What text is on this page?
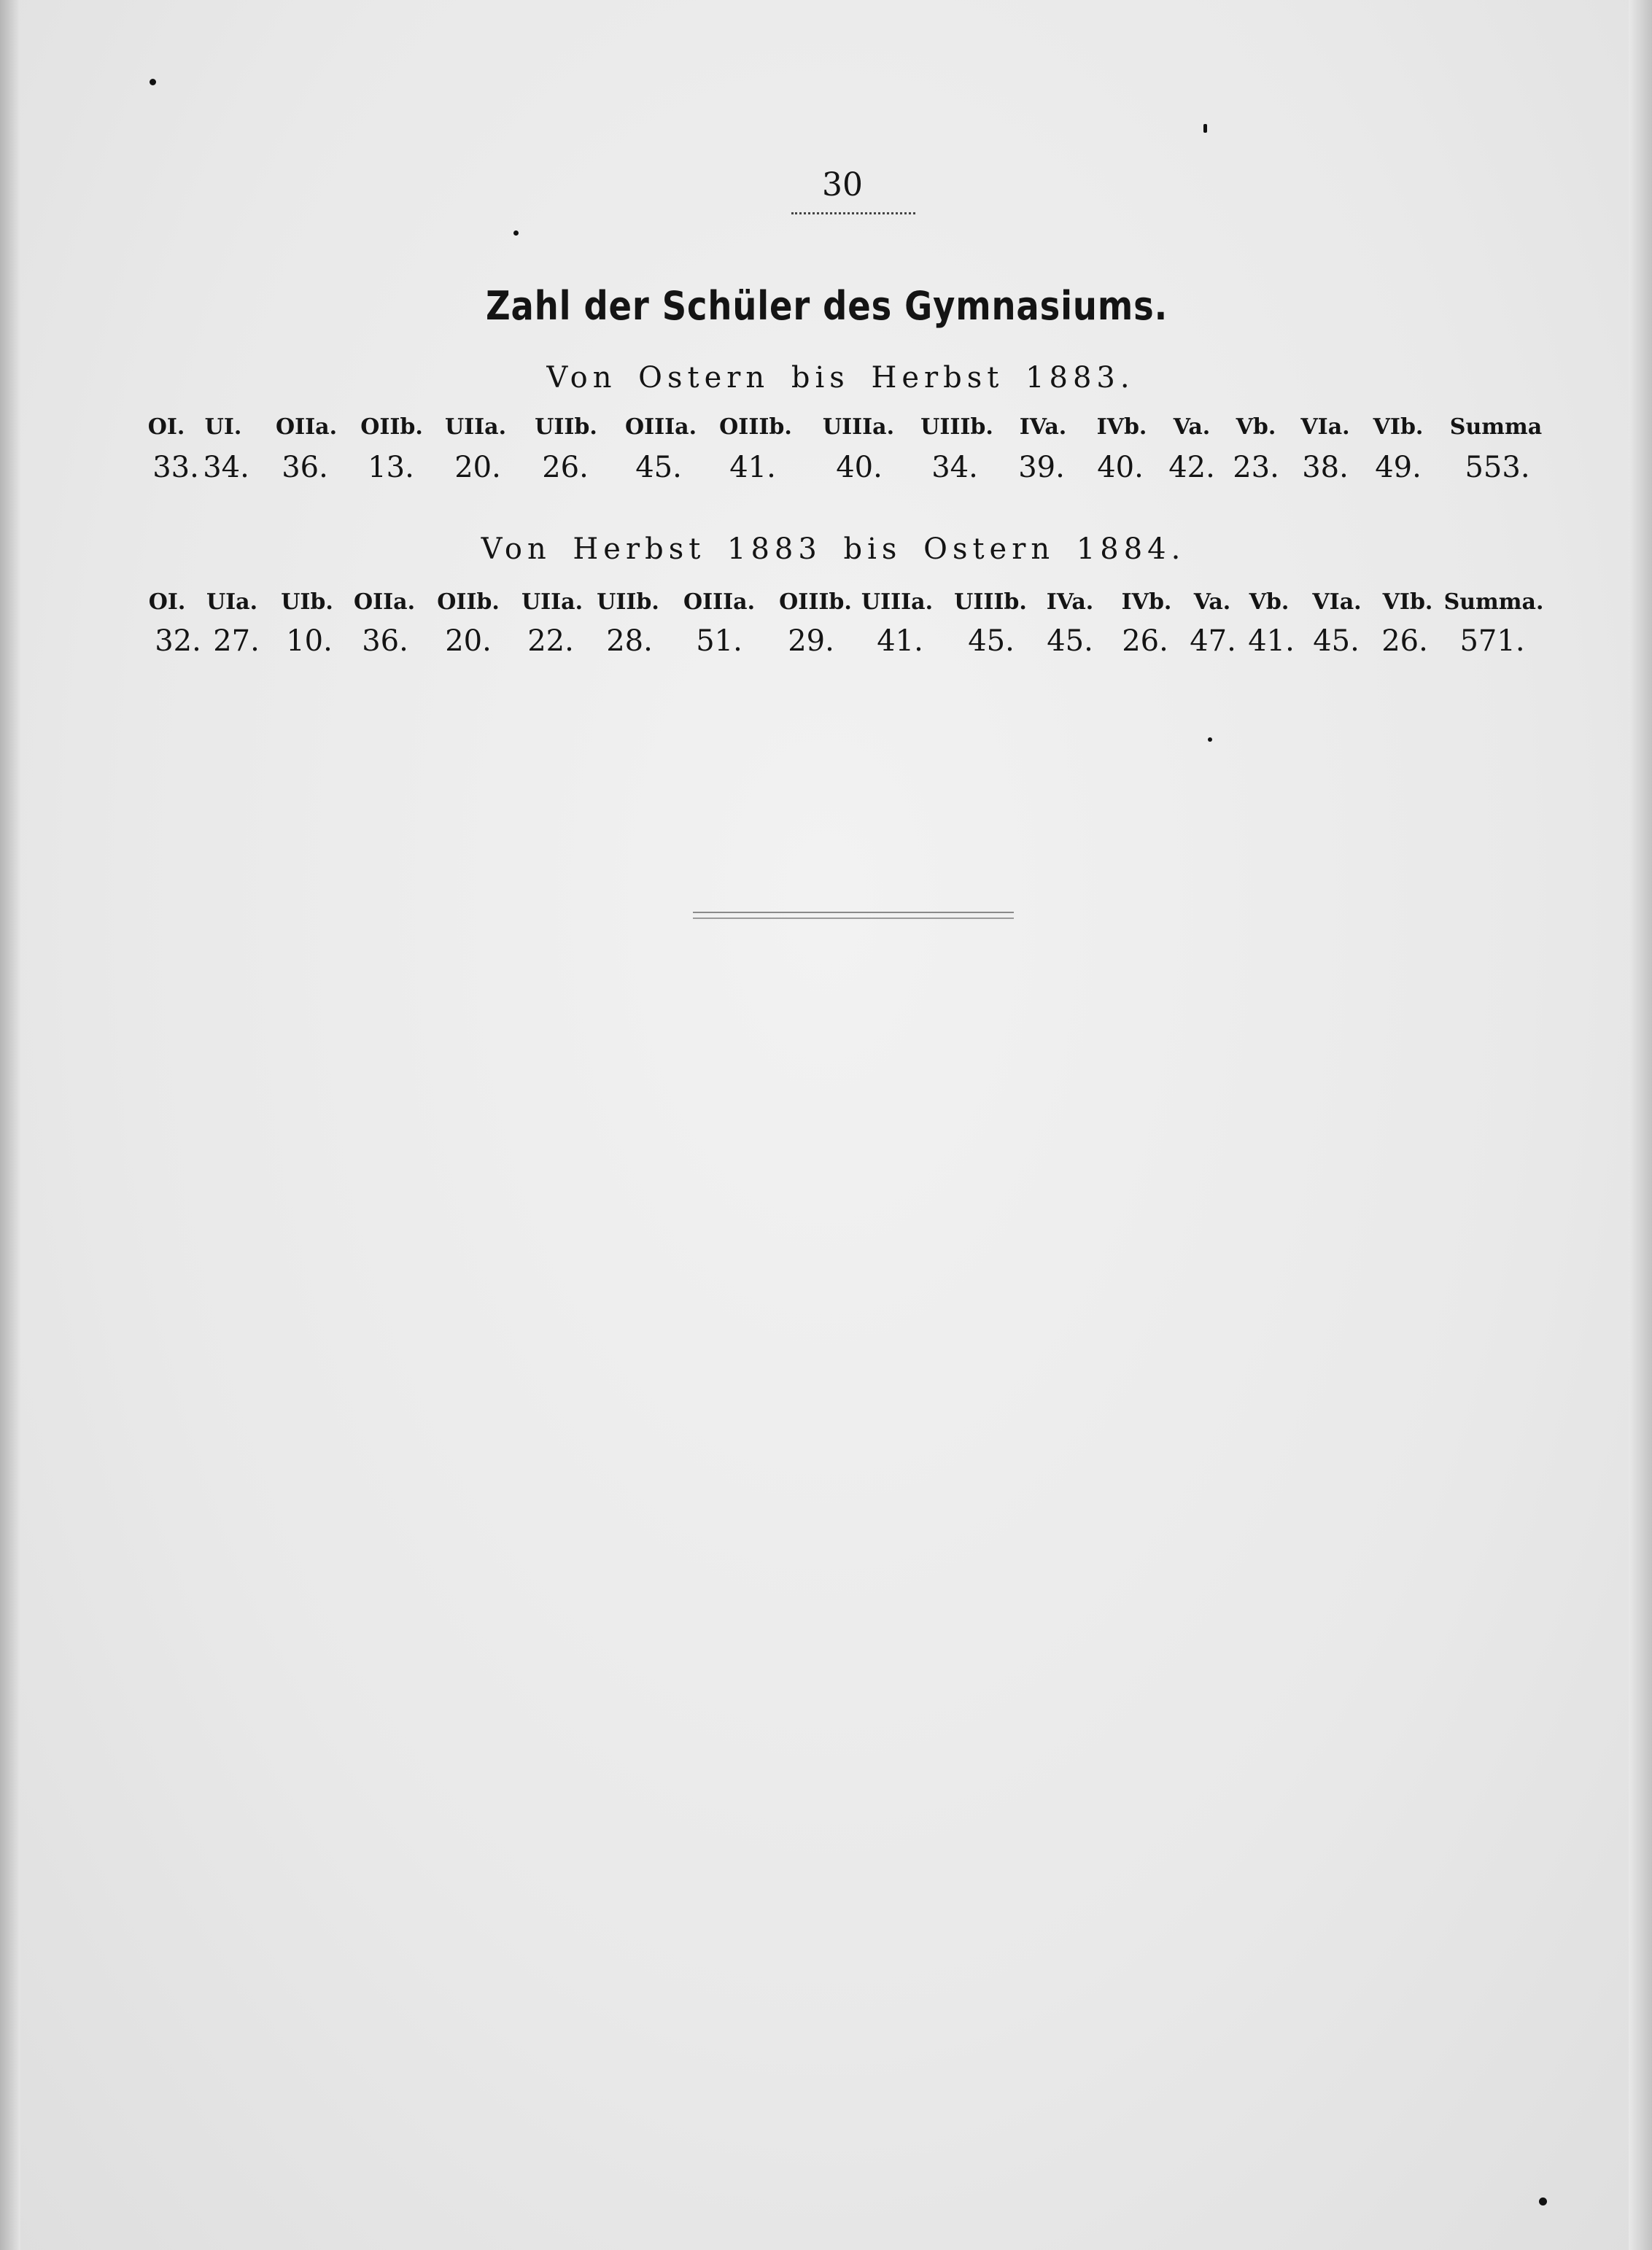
30
Zahl der Schüler des Gymnasiums.
Von Ostern bis Herbst 1883.
OI. UI. OIIa. OIIb. UIIa. UIIb. OIIIa. OIIIb. UIIIa. UIIIb. IVa. IVb. Va. Vb. VIa. VIb. Summa
33. 34. 36. 13. 20. 26. 45. 41. 40. 34. 39. 40. 42. 23. 38. 49. 553.
Von Herbst 1883 bis Ostern 1884.
OI. UIa. UIb. OIIa. OIIb. UIIa. UIIb. OIIIa. OIIIb. UIIIa. UIIIb. IVa. IVb. Va. Vb. VIa. VIb. Summa.
32. 27. 10. 36. 20. 22. 28. 51. 29. 41. 45. 45. 26. 47. 41. 45. 26. 571.
